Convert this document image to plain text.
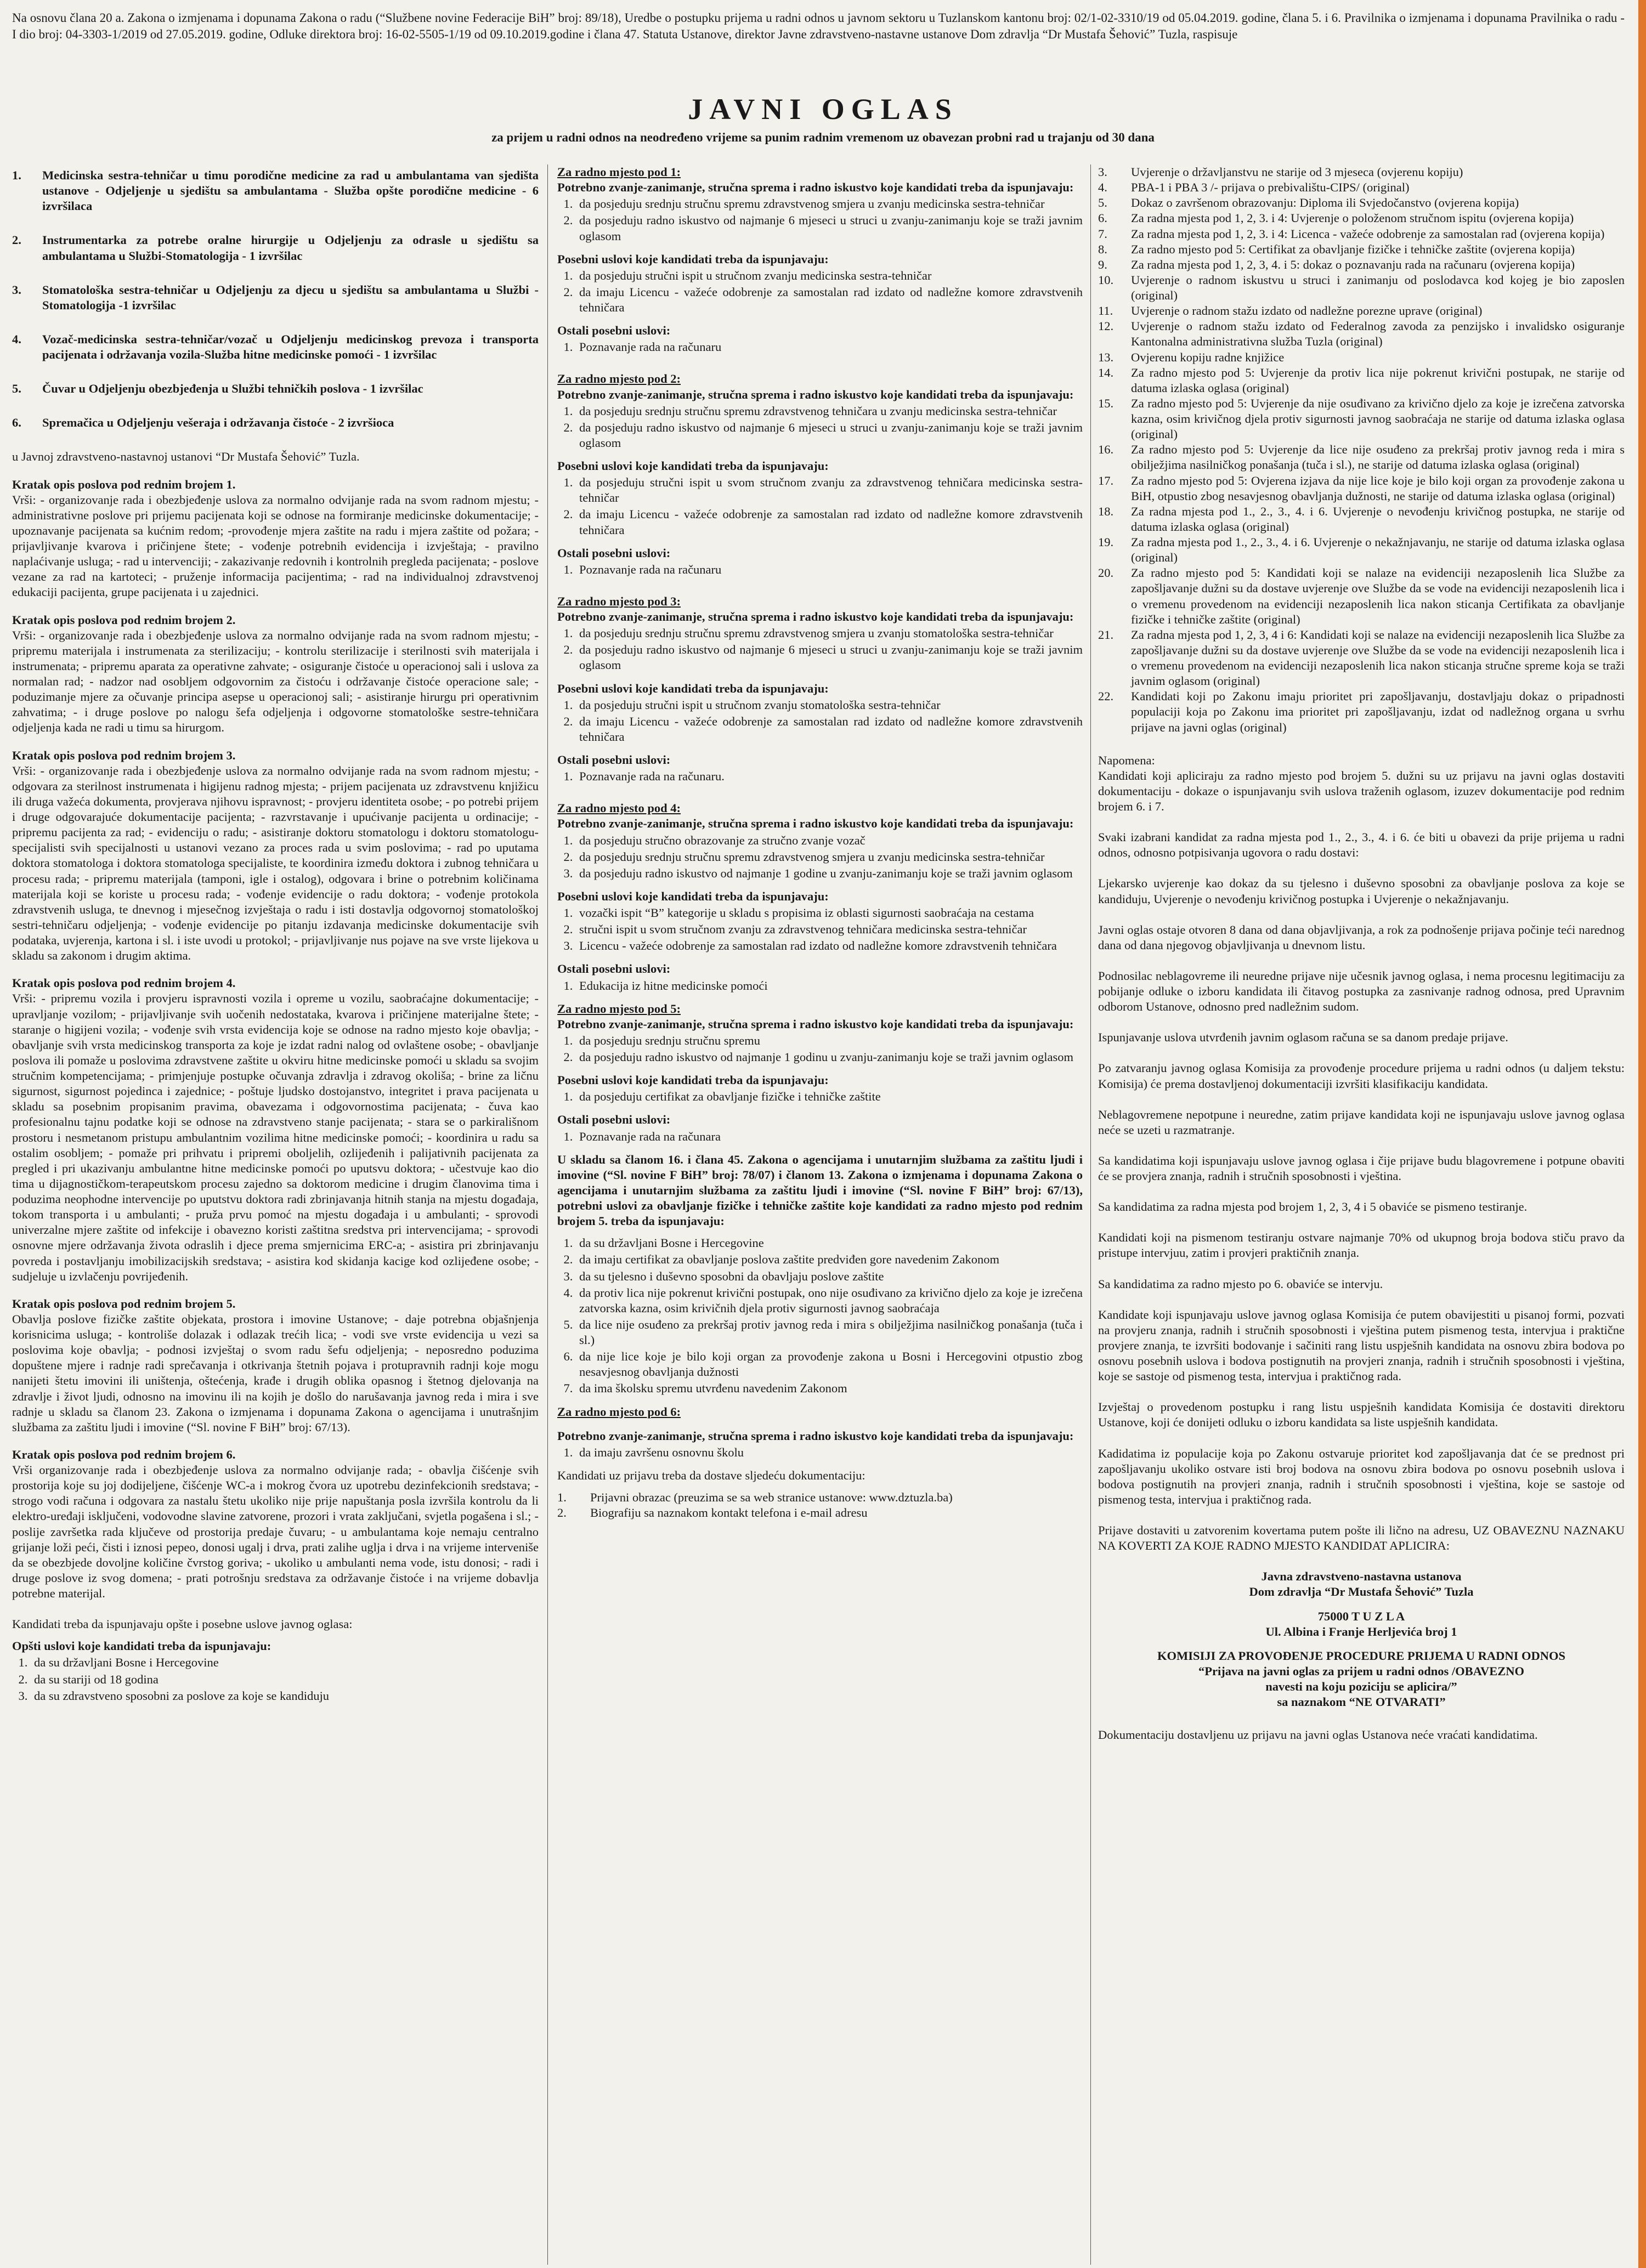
Na osnovu člana 20 a. Zakona o izmjenama i dopunama Zakona o radu (“Službene novine Federacije BiH” broj: 89/18), Uredbe o postupku prijema u radni odnos u javnom sektoru u Tuzlanskom kantonu broj: 02/1-02-3310/19 od 05.04.2019. godine, člana 5. i 6. Pravilnika o izmjenama i dopunama Pravilnika o radu - I dio broj: 04-3303-1/2019 od 27.05.2019. godine, Odluke direktora broj: 16-02-5505-1/19 od 09.10.2019.godine i člana 47. Statuta Ustanove, direktor Javne zdravstveno-nastavne ustanove Dom zdravlja “Dr Mustafa Šehović” Tuzla, raspisuje
JAVNI OGLAS
za prijem u radni odnos na neodređeno vrijeme sa punim radnim vremenom uz obavezan probni rad u trajanju od 30 dana
1.	Medicinska sestra-tehničar u timu porodične medicine za rad u ambulantama van sjedišta ustanove - Odjeljenje u sjedištu sa ambulantama - Služba opšte porodične medicine - 6 izvršilaca
2.	Instrumentarka za potrebe oralne hirurgije u Odjeljenju za odrasle u sjedištu sa ambulantama u Službi-Stomatologija - 1 izvršilac
3.	Stomatološka sestra-tehničar u Odjeljenju za djecu u sjedištu sa ambulantama u Službi -Stomatologija -1 izvršilac
4.	Vozač-medicinska sestra-tehničar/vozač u Odjeljenju medicinskog prevoza i transporta pacijenata i održavanja vozila-Služba hitne medicinske pomoći - 1 izvršilac
5.	Čuvar u Odjeljenju obezbjeđenja u Službi tehničkih poslova - 1 izvršilac
6.	Spremačica u Odjeljenju vešeraja i održavanja čistoće - 2 izvršioca

u Javnoj zdravstveno-nastavnoj ustanovi “Dr Mustafa Šehović” Tuzla.

Kratak opis poslova pod rednim brojem 1.

Vrši: - organizovanje rada i obezbjeđenje uslova za normalno odvijanje rada na svom radnom mjestu; - administrativne poslove pri prijemu pacijenata koji se odnose na formiranje medicinske dokumentacije; - upoznavanje pacijenata sa kućnim redom; -provođenje mjera zaštite na radu i mjera zaštite od požara; - prijavljivanje kvarova i pričinjene štete; - vođenje potrebnih evidencija i izvještaja; - pravilno naplaćivanje usluga; - rad u intervenciji; - zakazivanje redovnih i kontrolnih pregleda pacijenata; - poslove vezane za rad na kartoteci; - pruženje informacija pacijentima; - rad na individualnoj zdravstvenoj edukaciji pacijenta, grupe pacijenata i u zajednici.

Kratak opis poslova pod rednim brojem 2.

Vrši: - organizovanje rada i obezbjeđenje uslova za normalno odvijanje rada na svom radnom mjestu; - pripremu materijala i instrumenata za sterilizaciju; - kontrolu sterilizacije i sterilnosti svih materijala i instrumenata; - pripremu aparata za operativne zahvate; - osiguranje čistoće u operacionoj sali i uslova za normalan rad; - nadzor nad osobljem odgovornim za čistoću i održavanje čistoće operacione sale; - poduzimanje mjere za očuvanje principa asepse u operacionoj sali; - asistiranje hirurgu pri operativnim zahvatima; - i druge poslove po nalogu šefa odjeljenja i odgovorne stomatološke sestre-tehničara odjeljenja kada ne radi u timu sa hirurgom.

Kratak opis poslova pod rednim brojem 3.

Vrši: - organizovanje rada i obezbjeđenje uslova za normalno odvijanje rada na svom radnom mjestu; - odgovara za sterilnost instrumenata i higijenu radnog mjesta; - prijem pacijenata uz zdravstvenu knjižicu ili druga važeća dokumenta, provjerava njihovu ispravnost; - provjeru identiteta osobe; - po potrebi prijem i druge odgovarajuće dokumentacije pacijenta; - razvrstavanje i upućivanje pacijenta u ordinacije; - pripremu pacijenta za rad; - evidenciju o radu; - asistiranje doktoru stomatologu i doktoru stomatologu-specijalisti svih specijalnosti u ustanovi vezano za proces rada u svim poslovima; - rad po uputama doktora stomatologa i doktora stomatologa specijaliste, te koordinira između doktora i zubnog tehničara u procesu rada; - pripremu materijala (tamponi, igle i ostalog), odgovara i brine o potrebnim količinama materijala koji se koriste u procesu rada; - vođenje evidencije o radu doktora; - vođenje protokola zdravstvenih usluga, te dnevnog i mjesečnog izvještaja o radu i isti dostavlja odgovornoj stomatološkoj sestri-tehničaru odjeljenja; - vođenje evidencije po pitanju izdavanja medicinske dokumentacije svih podataka, uvjerenja, kartona i sl. i iste uvodi u protokol; - prijavljivanje nus pojave na sve vrste lijekova u skladu sa zakonom i drugim aktima.

Kratak opis poslova pod rednim brojem 4.

Vrši: - pripremu vozila i provjeru ispravnosti vozila i opreme u vozilu, saobraćajne dokumentacije; - upravljanje vozilom; - prijavljivanje svih uočenih nedostataka, kvarova i pričinjene materijalne štete; - staranje o higijeni vozila; - vođenje svih vrsta evidencija koje se odnose na radno mjesto koje obavlja; - obavljanje svih vrsta medicinskog transporta za koje je izdat radni nalog od ovlaštene osobe; - obavljanje poslova ili pomaže u poslovima zdravstvene zaštite u okviru hitne medicinske pomoći u skladu sa svojim stručnim kompetencijama; - primjenjuje postupke očuvanja zdravlja i zdravog okoliša; - brine za ličnu sigurnost, sigurnost pojedinca i zajednice; - poštuje ljudsko dostojanstvo, integritet i prava pacijenata u skladu sa posebnim propisanim pravima, obavezama i odgovornostima pacijenata; - čuva kao profesionalnu tajnu podatke koji se odnose na zdravstveno stanje pacijenata; - stara se o parkirališnom prostoru i nesmetanom pristupu ambulantnim vozilima hitne medicinske pomoći; - koordinira u radu sa ostalim osobljem; - pomaže pri prihvatu i pripremi oboljelih, ozlijeđenih i palijativnih pacijenata za pregled i pri ukazivanju ambulantne hitne medicinske pomoći po uputsvu doktora; - učestvuje kao dio tima u dijagnostičkom-terapeutskom procesu zajedno sa doktorom medicine i drugim članovima tima i poduzima neophodne intervencije po uputstvu doktora radi zbrinjavanja hitnih stanja na mjestu događaja, tokom transporta i u ambulanti; - pruža prvu pomoć na mjestu događaja i u ambulanti; - sprovodi univerzalne mjere zaštite od infekcije i obavezno koristi zaštitna sredstva pri intervencijama; - sprovodi osnovne mjere održavanja života odraslih i djece prema smjernicima ERC-a; - asistira pri zbrinjavanju povreda i postavljanju imobilizacijskih sredstava; - asistira kod skidanja kacige kod ozlijeđene osobe; - sudjeluje u izvlačenju povrijeđenih.

Kratak opis poslova pod rednim brojem 5.

Obavlja poslove fizičke zaštite objekata, prostora i imovine Ustanove; - daje potrebna objašnjenja korisnicima usluga; - kontroliše dolazak i odlazak trećih lica; - vodi sve vrste evidencija u vezi sa poslovima koje obavlja; - podnosi izvještaj o svom radu šefu odjeljenja; - neposredno poduzima dopuštene mjere i radnje radi sprečavanja i otkrivanja štetnih pojava i protupravnih radnji koje mogu nanijeti štetu imovini ili uništenja, oštećenja, krađe i drugih oblika opasnog i štetnog djelovanja na zdravlje i život ljudi, odnosno na imovinu ili na kojih je došlo do narušavanja javnog reda i mira i sve radnje u skladu sa članom 23. Zakona o izmjenama i dopunama Zakona o agencijama i unutrašnjim službama za zaštitu ljudi i imovine (“Sl. novine F BiH” broj: 67/13).

Kratak opis poslova pod rednim brojem 6.

Vrši organizovanje rada i obezbjeđenje uslova za normalno odvijanje rada; - obavlja čišćenje svih prostorija koje su joj dodijeljene, čišćenje WC-a i mokrog čvora uz upotrebu dezinfekcionih sredstava; - strogo vodi računa i odgovara za nastalu štetu ukoliko nije prije napuštanja posla izvršila kontrolu da li elektro-uređaji isključeni, vodovodne slavine zatvorene, prozori i vrata zaključani, svjetla pogašena i sl.; - poslije završetka rada ključeve od prostorija predaje čuvaru; - u ambulantama koje nemaju centralno grijanje loži peći, čisti i iznosi pepeo, donosi ugalj i drva, prati zalihe uglja i drva i na vrijeme interveniše da se obezbjede dovoljne količine čvrstog goriva; - ukoliko u ambulanti nema vode, istu donosi; - radi i druge poslove iz svog domena; - prati potrošnju sredstava za održavanje čistoće i na vrijeme dobavlja potrebne materijal.

Kandidati treba da ispunjavaju opšte i posebne uslove javnog oglasa:

Opšti uslovi koje kandidati treba da ispunjavaju:
1. da su državljani Bosne i Hercegovine
2. da su stariji od 18 godina
3. da su zdravstveno sposobni za poslove za koje se kandiduju
Za radno mjesto pod 1:
Potrebno zvanje-zanimanje, stručna sprema i radno iskustvo koje kandidati treba da ispunjavaju:
1. da posjeduju srednju stručnu spremu zdravstvenog smjera u zvanju medicinska sestra-tehničar
2. da posjeduju radno iskustvo od najmanje 6 mjeseci u struci u zvanju-zanimanju koje se traži javnim oglasom
Posebni uslovi koje kandidati treba da ispunjavaju:
1. da posjeduju stručni ispit u stručnom zvanju medicinska sestra-tehničar
2. da imaju Licencu - važeće odobrenje za samostalan rad izdato od nadležne komore zdravstvenih tehničara
Ostali posebni uslovi:
1. Poznavanje rada na računaru
Za radno mjesto pod 2:
Potrebno zvanje-zanimanje, stručna sprema i radno iskustvo koje kandidati treba da ispunjavaju:
1. da posjeduju srednju stručnu spremu zdravstvenog tehničara u zvanju medicinska sestra-tehničar
2. da posjeduju radno iskustvo od najmanje 6 mjeseci u struci u zvanju-zanimanju koje se traži javnim oglasom
Posebni uslovi koje kandidati treba da ispunjavaju:
1. da posjeduju stručni ispit u svom stručnom zvanju za zdravstvenog tehničara medicinska sestra-tehničar
2. da imaju Licencu - važeće odobrenje za samostalan rad izdato od nadležne komore zdravstvenih tehničara
Ostali posebni uslovi:
1. Poznavanje rada na računaru
Za radno mjesto pod 3:
Potrebno zvanje-zanimanje, stručna sprema i radno iskustvo koje kandidati treba da ispunjavaju:
1. da posjeduju srednju stručnu spremu zdravstvenog smjera u zvanju stomatološka sestra-tehničar
2. da posjeduju radno iskustvo od najmanje 6 mjeseci u struci u zvanju-zanimanju koje se traži javnim oglasom
Posebni uslovi koje kandidati treba da ispunjavaju:
1. da posjeduju stručni ispit u stručnom zvanju stomatološka sestra-tehničar
2. da imaju Licencu - važeće odobrenje za samostalan rad izdato od nadležne komore zdravstvenih tehničara
Ostali posebni uslovi:
1. Poznavanje rada na računaru.
Za radno mjesto pod 4:
Potrebno zvanje-zanimanje, stručna sprema i radno iskustvo koje kandidati treba da ispunjavaju:
1. da posjeduju stručno obrazovanje za stručno zvanje vozač
2. da posjeduju srednju stručnu spremu zdravstvenog smjera u zvanju medicinska sestra-tehničar
3. da posjeduju radno iskustvo od najmanje 1 godine u zvanju-zanimanju koje se traži javnim oglasom
Posebni uslovi koje kandidati treba da ispunjavaju:
1. vozački ispit “B” kategorije u skladu s propisima iz oblasti sigurnosti saobraćaja na cestama
2. stručni ispit u svom stručnom zvanju za zdravstvenog tehničara medicinska sestra-tehničar
3. Licencu - važeće odobrenje za samostalan rad izdato od nadležne komore zdravstvenih tehničara
Ostali posebni uslovi:
1. Edukacija iz hitne medicinske pomoći
Za radno mjesto pod 5:
Potrebno zvanje-zanimanje, stručna sprema i radno iskustvo koje kandidati treba da ispunjavaju:
1. da posjeduju srednju stručnu spremu
2. da posjeduju radno iskustvo od najmanje 1 godinu u zvanju-zanimanju koje se traži javnim oglasom
Posebni uslovi koje kandidati treba da ispunjavaju:
1. da posjeduju certifikat za obavljanje fizičke i tehničke zaštite
Ostali posebni uslovi:
1. Poznavanje rada na računara

U skladu sa članom 16. i člana 45. Zakona o agencijama i unutarnjim službama za zaštitu ljudi i imovine (“Sl. novine F BiH” broj: 78/07) i članom 13. Zakona o izmjenama i dopunama Zakona o agencijama i unutarnjim službama za zaštitu ljudi i imovine (“Sl. novine F BiH” broj: 67/13), potrebni uslovi za obavljanje fizičke i tehničke zaštite koje kandidati za radno mjesto pod rednim brojem 5. treba da ispunjavaju:

1. da su državljani Bosne i Hercegovine
2. da imaju certifikat za obavljanje poslova zaštite predviđen gore navedenim Zakonom
3. da su tjelesno i duševno sposobni da obavljaju poslove zaštite
4. da protiv lica nije pokrenut krivični postupak, ono nije osuđivano za krivično djelo za koje je izrečena zatvorska kazna, osim krivičnih djela protiv sigurnosti javnog saobraćaja
5. da lice nije osuđeno za prekršaj protiv javnog reda i mira s obilježjima nasilničkog ponašanja (tuča i sl.)
6. da nije lice koje je bilo koji organ za provođenje zakona u Bosni i Hercegovini otpustio zbog nesavjesnog obavljanja dužnosti
7. da ima školsku spremu utvrđenu navedenim Zakonom
Za radno mjesto pod 6:
Potrebno zvanje-zanimanje, stručna sprema i radno iskustvo koje kandidati treba da ispunjavaju:
1. da imaju završenu osnovnu školu

Kandidati uz prijavu treba da dostave sljedeću dokumentaciju:

1.	Prijavni obrazac (preuzima se sa web stranice ustanove: www.dztuzla.ba)
2.	Biografiju sa naznakom kontakt telefona i e-mail adresu
3.	Uvjerenje o državljanstvu ne starije od 3 mjeseca (ovjerenu kopiju)
4.	PBA-1 i PBA 3 /- prijava o prebivalištu-CIPS/ (original)
5.	Dokaz o završenom obrazovanju: Diploma ili Svjedočanstvo (ovjerena kopija)
6.	Za radna mjesta pod 1, 2, 3. i 4: Uvjerenje o položenom stručnom ispitu (ovjerena kopija)
7.	Za radna mjesta pod 1, 2, 3. i 4: Licenca - važeće odobrenje za samostalan rad (ovjerena kopija)
8.	Za radno mjesto pod 5: Certifikat za obavljanje fizičke i tehničke zaštite (ovjerena kopija)
9.	Za radna mjesta pod 1, 2, 3, 4. i 5: dokaz o poznavanju rada na računaru (ovjerena kopija)
10.	Uvjerenje o radnom iskustvu u struci i zanimanju od poslodavca kod kojeg je bio zaposlen (original)
11.	Uvjerenje o radnom stažu izdato od nadležne porezne uprave (original)
12.	Uvjerenje o radnom stažu izdato od Federalnog zavoda za penzijsko i invalidsko osiguranje Kantonalna administrativna služba Tuzla (original)
13.	Ovjerenu kopiju radne knjižice
14.	Za radno mjesto pod 5: Uvjerenje da protiv lica nije pokrenut krivični postupak, ne starije od datuma izlaska oglasa (original)
15.	Za radno mjesto pod 5: Uvjerenje da nije osuđivano za krivično djelo za koje je izrečena zatvorska kazna, osim krivičnog djela protiv sigurnosti javnog saobraćaja ne starije od datuma izlaska oglasa (original)
16.	Za radno mjesto pod 5: Uvjerenje da lice nije osuđeno za prekršaj protiv javnog reda i mira s obilježjima nasilničkog ponašanja (tuča i sl.), ne starije od datuma izlaska oglasa (original)
17.	Za radno mjesto pod 5: Ovjerena izjava da nije lice koje je bilo koji organ za provođenje zakona u BiH, otpustio zbog nesavjesnog obavljanja dužnosti, ne starije od datuma izlaska oglasa (original)
18.	Za radna mjesta pod 1., 2., 3., 4. i 6. Uvjerenje o nevođenju krivičnog postupka, ne starije od datuma izlaska oglasa (original)
19.	Za radna mjesta pod 1., 2., 3., 4. i 6. Uvjerenje o nekažnjavanju, ne starije od datuma izlaska oglasa (original)
20.	Za radno mjesto pod 5: Kandidati koji se nalaze na evidenciji nezaposlenih lica Službe za zapošljavanje dužni su da dostave uvjerenje ove Službe da se vode na evidenciji nezaposlenih lica i o vremenu provedenom na evidenciji nezaposlenih lica nakon sticanja Certifikata za obavljanje fizičke i tehničke zaštite (original)
21.	Za radna mjesta pod 1, 2, 3, 4 i 6: Kandidati koji se nalaze na evidenciji nezaposlenih lica Službe za zapošljavanje dužni su da dostave uvjerenje ove Službe da se vode na evidenciji nezaposlenih lica i o vremenu provedenom na evidenciji nezaposlenih lica nakon sticanja stručne spreme koja se traži javnim oglasom (original)
22.	Kandidati koji po Zakonu imaju prioritet pri zapošljavanju, dostavljaju dokaz o pripadnosti populaciji koja po Zakonu ima prioritet pri zapošljavanju, izdat od nadležnog organa u svrhu prijave na javni oglas (original)
Napomena:

Kandidati koji apliciraju za radno mjesto pod brojem 5. dužni su uz prijavu na javni oglas dostaviti dokumentaciju - dokaze o ispunjavanju svih uslova traženih oglasom, izuzev dokumentacije pod rednim brojem 6. i 7.

Svaki izabrani kandidat za radna mjesta pod 1., 2., 3., 4. i 6. će biti u obavezi da prije prijema u radni odnos, odnosno potpisivanja ugovora o radu dostavi:

Ljekarsko uvjerenje kao dokaz da su tjelesno i duševno sposobni za obavljanje poslova za koje se kandiduju, Uvjerenje o nevođenju krivičnog postupka i Uvjerenje o nekažnjavanju.

Javni oglas ostaje otvoren 8 dana od dana objavljivanja, a rok za podnošenje prijava počinje teći narednog dana od dana njegovog objavljivanja u dnevnom listu.

Podnosilac neblagovreme ili neuredne prijave nije učesnik javnog oglasa, i nema procesnu legitimaciju za pobijanje odluke o izboru kandidata ili čitavog postupka za zasnivanje radnog odnosa, pred Upravnim odborom Ustanove, odnosno pred nadležnim sudom.

Ispunjavanje uslova utvrđenih javnim oglasom računa se sa danom predaje prijave.

Po zatvaranju javnog oglasa Komisija za provođenje procedure prijema u radni odnos (u daljem tekstu: Komisija) će prema dostavljenoj dokumentaciji izvršiti klasifikaciju kandidata.

Neblagovremene nepotpune i neuredne, zatim prijave kandidata koji ne ispunjavaju uslove javnog oglasa neće se uzeti u razmatranje.

Sa kandidatima koji ispunjavaju uslove javnog oglasa i čije prijave budu blagovremene i potpune obaviti će se provjera znanja, radnih i stručnih sposobnosti i vještina.

Sa kandidatima za radna mjesta pod brojem 1, 2, 3, 4 i 5 obaviće se pismeno testiranje.

Kandidati koji na pismenom testiranju ostvare najmanje 70% od ukupnog broja bodova stiču pravo da pristupe intervjuu, zatim i provjeri praktičnih znanja.

Sa kandidatima za radno mjesto po 6. obaviće se intervju.

Kandidate koji ispunjavaju uslove javnog oglasa Komisija će putem obavijestiti u pisanoj formi, pozvati na provjeru znanja, radnih i stručnih sposobnosti i vještina putem pismenog testa, intervjua i praktične provjere znanja, te izvršiti bodovanje i sačiniti rang listu uspješnih kandidata na osnovu zbira bodova po osnovu posebnih uslova i bodova postignutih na provjeri znanja, radnih i stručnih sposobnosti i vještina, koje se sastoje od pismenog testa, intervjua i praktičnog rada.

Izvještaj o provedenom postupku i rang listu uspješnih kandidata Komisija će dostaviti direktoru Ustanove, koji će donijeti odluku o izboru kandidata sa liste uspješnih kandidata.

Kadidatima iz populacije koja po Zakonu ostvaruje prioritet kod zapošljavanja dat će se prednost pri zapošljavanju ukoliko ostvare isti broj bodova na osnovu zbira bodova po osnovu posebnih uslova i bodova postignutih na provjeri znanja, radnih i stručnih sposobnosti i vještina, koje se sastoje od pismenog testa, intervjua i praktičnog rada.

Prijave dostaviti u zatvorenim kovertama putem pošte ili lično na adresu, UZ OBAVEZNU NAZNAKU NA KOVERTI ZA KOJE RADNO MJESTO KANDIDAT APLICIRA:

Javna zdravstveno-nastavna ustanova
Dom zdravlja “Dr Mustafa Šehović” Tuzla
75000 T U Z L A
Ul. Albina i Franje Herljevića broj 1
KOMISIJI ZA PROVOĐENJE PROCEDURE PRIJEMA U RADNI ODNOS
“Prijava na javni oglas za prijem u radni odnos /OBAVEZNO
navesti na koju poziciju se aplicira/”
sa naznakom “NE OTVARATI”

Dokumentaciju dostavljenu uz prijavu na javni oglas Ustanova neće vraćati kandidatima.
